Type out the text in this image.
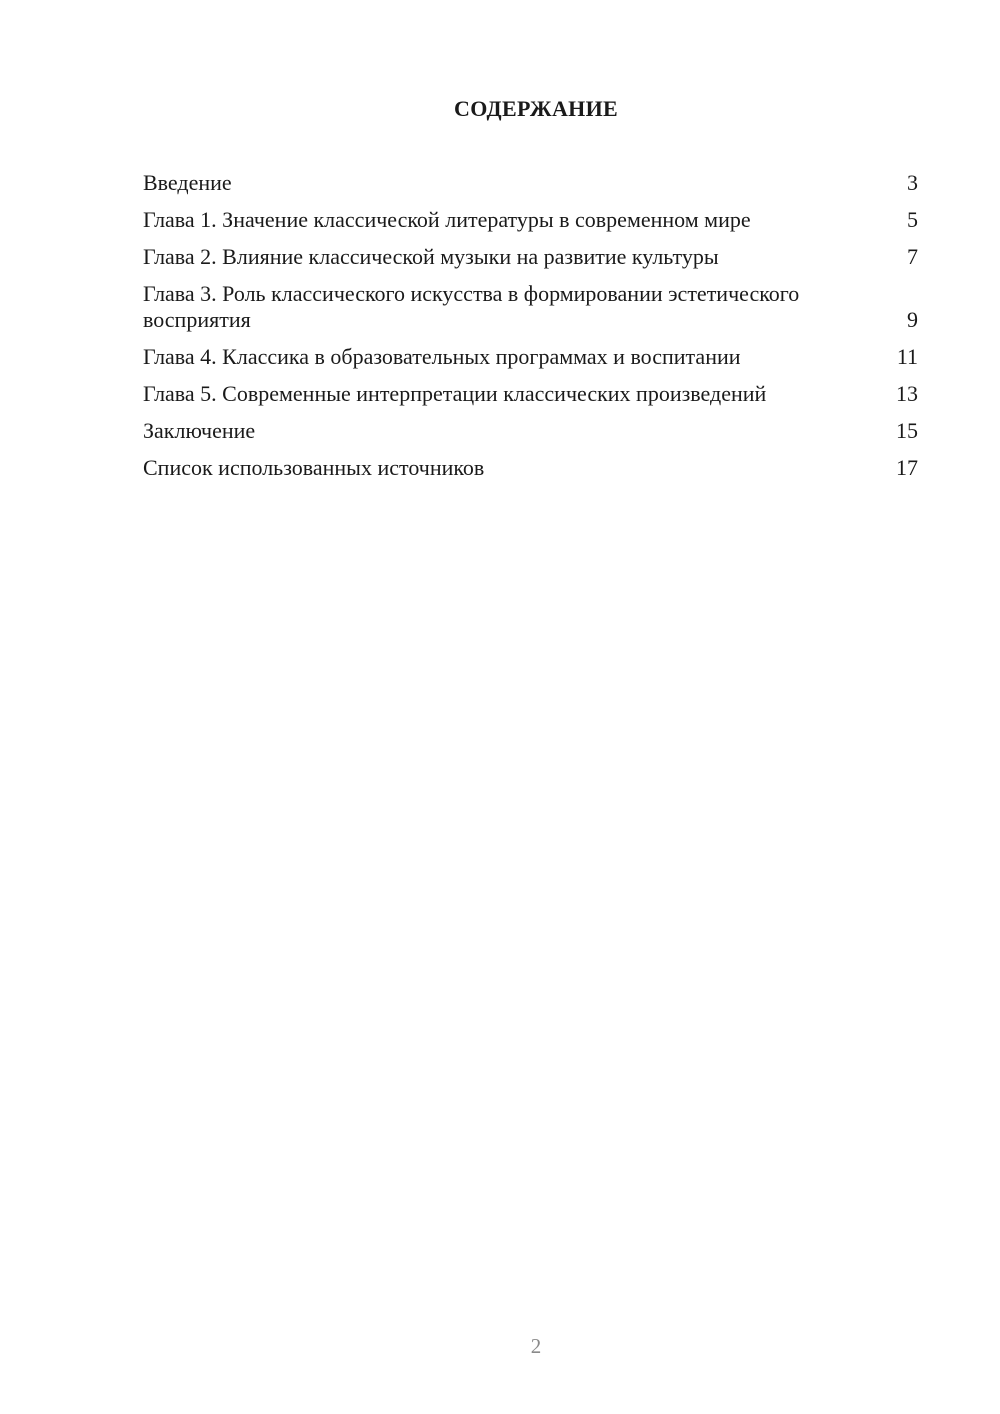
СОДЕРЖАНИЕ
Введение	3
Глава 1. Значение классической литературы в современном мире	5
Глава 2. Влияние классической музыки на развитие культуры	7
Глава 3. Роль классического искусства в формировании эстетического восприятия	9
Глава 4. Классика в образовательных программах и воспитании	11
Глава 5. Современные интерпретации классических произведений	13
Заключение	15
Список использованных источников	17
2
